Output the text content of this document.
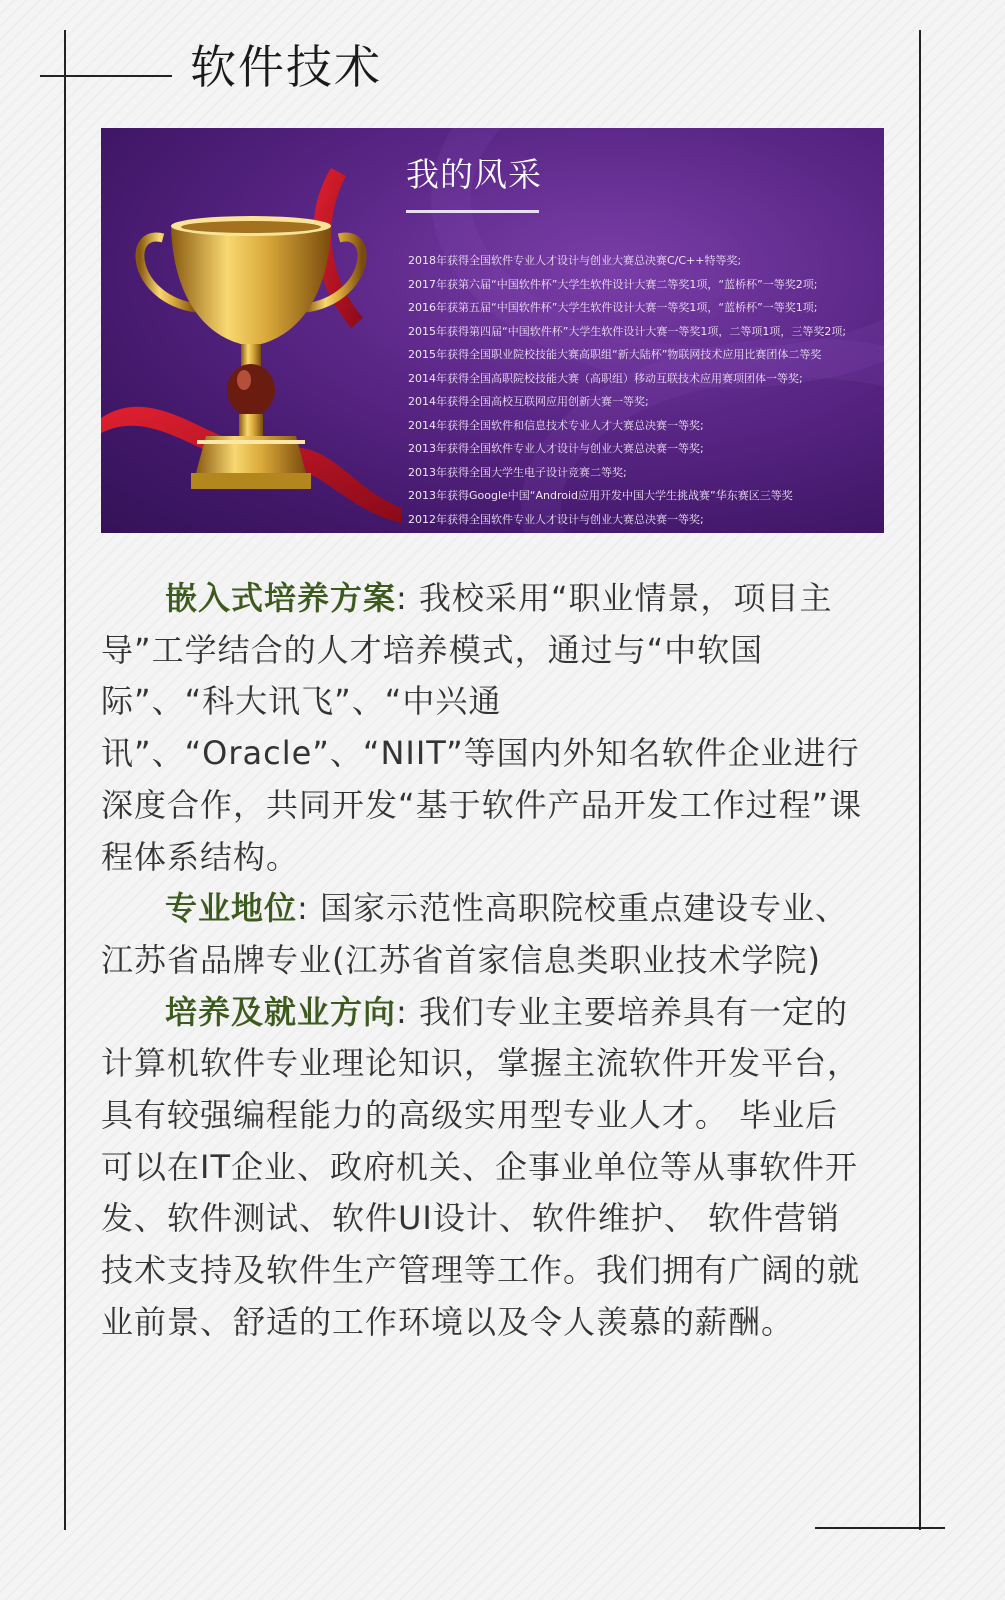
软件技术
我的风采
2018年获得全国软件专业人才设计与创业大赛总决赛C/C++特等奖;
2017年获第六届“中国软件杯”大学生软件设计大赛二等奖1项，“蓝桥杯”一等奖2项;
2016年获第五届“中国软件杯”大学生软件设计大赛一等奖1项，“蓝桥杯”一等奖1项;
2015年获得第四届“中国软件杯”大学生软件设计大赛一等奖1项，二等项1项，三等奖2项;
2015年获得全国职业院校技能大赛高职组“新大陆杯”物联网技术应用比赛团体二等奖
2014年获得全国高职院校技能大赛（高职组）移动互联技术应用赛项团体一等奖;
2014年获得全国高校互联网应用创新大赛一等奖;
2014年获得全国软件和信息技术专业人才大赛总决赛一等奖;
2013年获得全国软件专业人才设计与创业大赛总决赛一等奖;
2013年获得全国大学生电子设计竞赛二等奖;
2013年获得Google中国“Android应用开发中国大学生挑战赛”华东赛区三等奖
2012年获得全国软件专业人才设计与创业大赛总决赛一等奖;

嵌入式培养方案: 我校采用“职业情景，项目主导”工学结合的人才培养模式，通过与“中软国际”、“科大讯飞”、“中兴通讯”、“Oracle”、“NIIT”等国内外知名软件企业进行深度合作，共同开发“基于软件产品开发工作过程”课程体系结构。

专业地位: 国家示范性高职院校重点建设专业、江苏省品牌专业(江苏省首家信息类职业技术学院)

培养及就业方向: 我们专业主要培养具有一定的计算机软件专业理论知识，掌握主流软件开发平台，具有较强编程能力的高级实用型专业人才。 毕业后可以在IT企业、政府机关、企事业单位等从事软件开发、软件测试、软件UI设计、软件维护、 软件营销技术支持及软件生产管理等工作。我们拥有广阔的就业前景、舒适的工作环境以及令人羡慕的薪酬。
